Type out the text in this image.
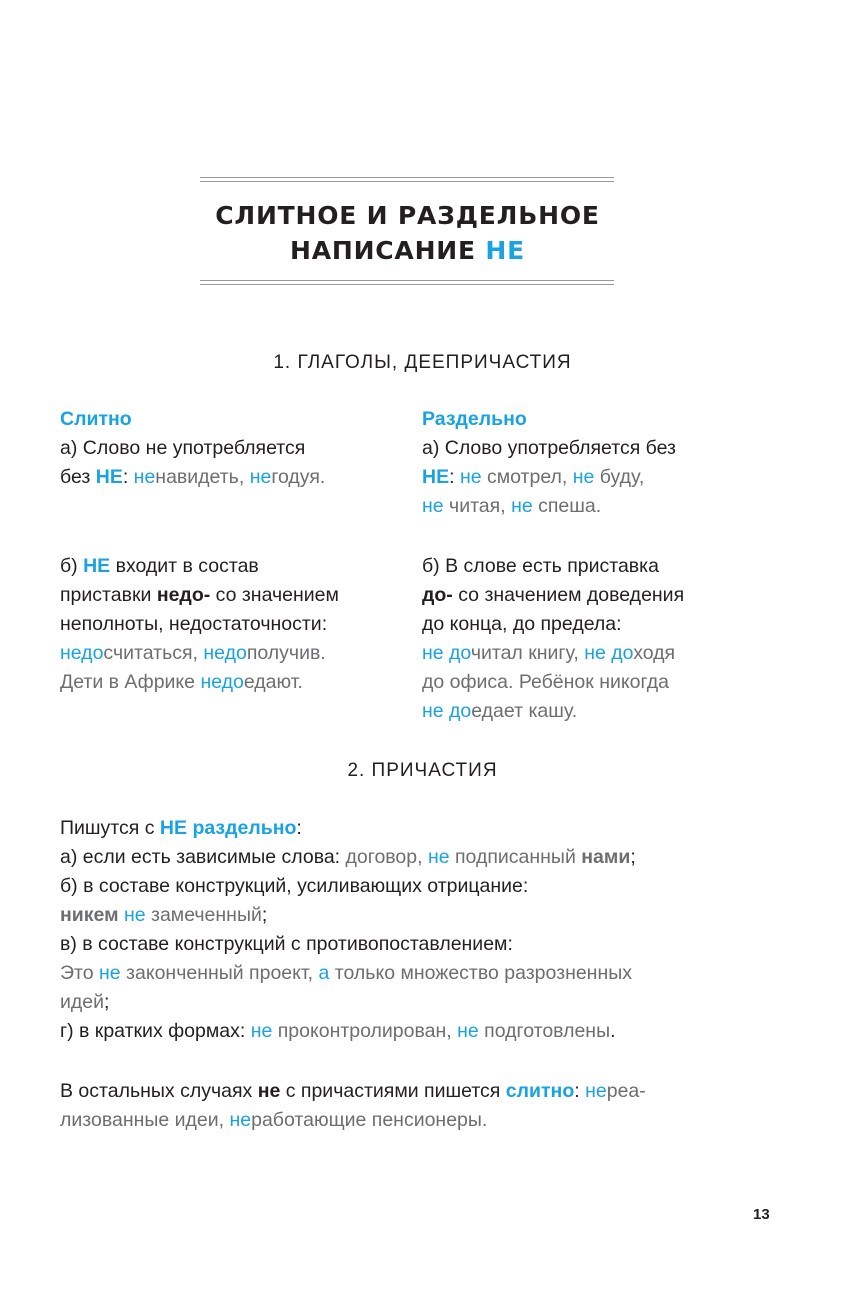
СЛИТНОЕ И РАЗДЕЛЬНОЕ
НАПИСАНИЕ НЕ
1. ГЛАГОЛЫ, ДЕЕПРИЧАСТИЯ

Слитно

а) Слово не употребляется

без НЕ: ненавидеть, негодуя.

б) НЕ входит в состав

приставки недо- со значением

неполноты, недостаточности:

недосчитаться, недополучив.

Дети в Африке недоедают.

Раздельно

а) Слово употребляется без

НЕ: не смотрел, не буду,

не читая, не спеша.

б) В слове есть приставка

до- со значением доведения

до конца, до предела:

не дочитал книгу, не доходя

до офиса. Ребёнок никогда

не доедает кашу.

2. ПРИЧАСТИЯ

Пишутся с НЕ раздельно:

а) если есть зависимые слова: договор, не подписанный нами;

б) в составе конструкций, усиливающих отрицание:

никем не замеченный;

в) в составе конструкций с противопоставлением:

Это не законченный проект, а только множество разрозненных

идей;

г) в кратких формах: не проконтролирован, не подготовлены.

В остальных случаях не с причастиями пишется слитно: нереа-

лизованные идеи, неработающие пенсионеры.

13
